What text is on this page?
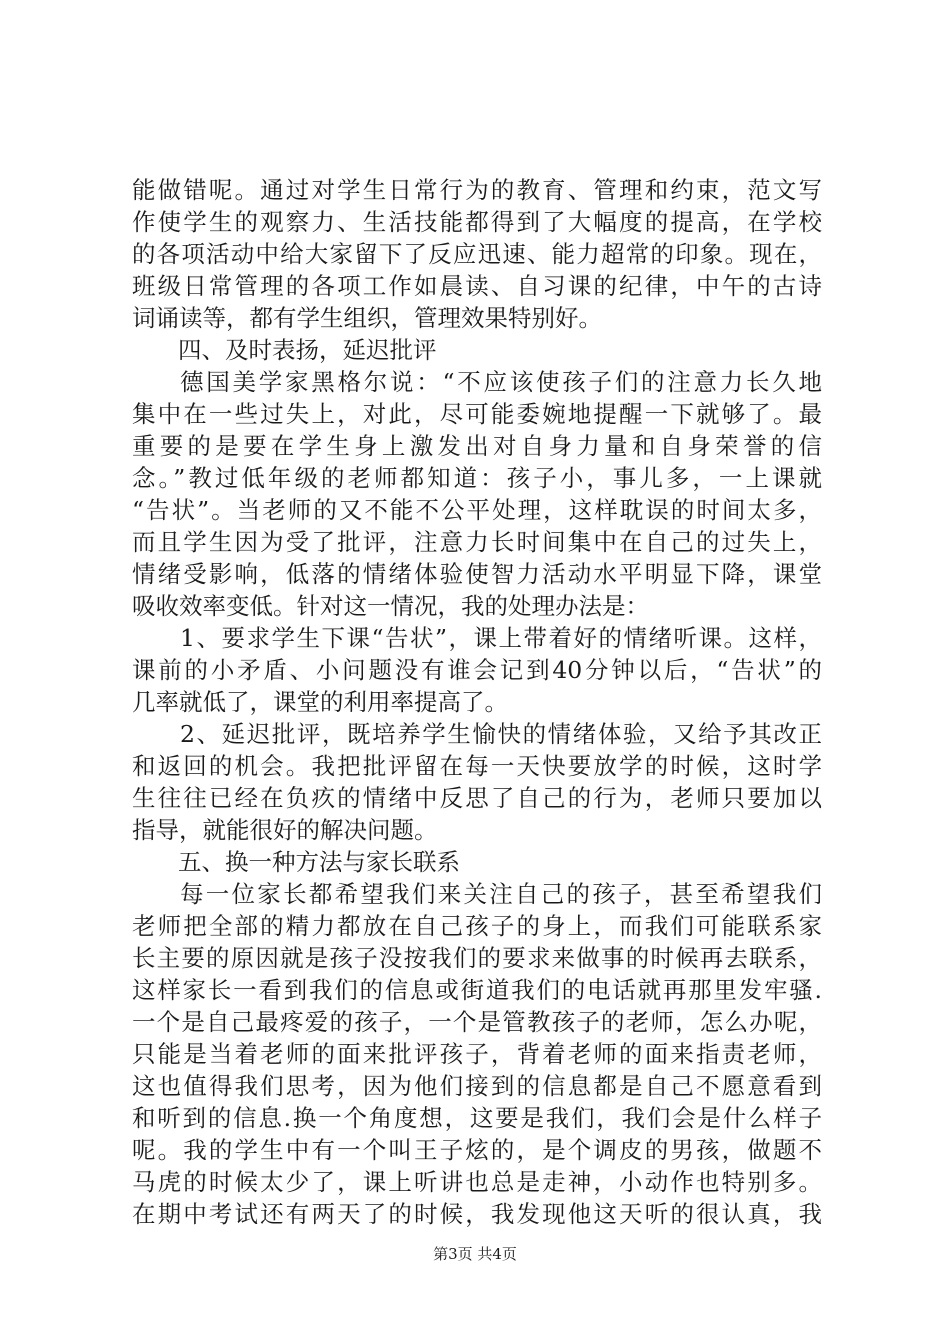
能做错呢。通过对学生日常行为的教育、管理和约束，范文写
作使学生的观察力、生活技能都得到了大幅度的提高，在学校
的各项活动中给大家留下了反应迅速、能力超常的印象。现在，
班级日常管理的各项工作如晨读、自习课的纪律，中午的古诗
词诵读等，都有学生组织，管理效果特别好。
四、及时表扬，延迟批评
德国美学家黑格尔说：“不应该使孩子们的注意力长久地
集中在一些过失上，对此，尽可能委婉地提醒一下就够了。最
重要的是要在学生身上激发出对自身力量和自身荣誉的信
念。”教过低年级的老师都知道：孩子小，事儿多，一上课就
“告状”。当老师的又不能不公平处理，这样耽误的时间太多，
而且学生因为受了批评，注意力长时间集中在自己的过失上，
情绪受影响，低落的情绪体验使智力活动水平明显下降，课堂
吸收效率变低。针对这一情况，我的处理办法是：
1、要求学生下课“告状”，课上带着好的情绪听课。这样，
课前的小矛盾、小问题没有谁会记到40分钟以后，“告状”的
几率就低了，课堂的利用率提高了。
2、延迟批评，既培养学生愉快的情绪体验，又给予其改正
和返回的机会。我把批评留在每一天快要放学的时候，这时学
生往往已经在负疚的情绪中反思了自己的行为，老师只要加以
指导，就能很好的解决问题。
五、换一种方法与家长联系
每一位家长都希望我们来关注自己的孩子，甚至希望我们
老师把全部的精力都放在自己孩子的身上，而我们可能联系家
长主要的原因就是孩子没按我们的要求来做事的时候再去联系，
这样家长一看到我们的信息或街道我们的电话就再那里发牢骚.
一个是自己最疼爱的孩子，一个是管教孩子的老师，怎么办呢，
只能是当着老师的面来批评孩子，背着老师的面来指责老师，
这也值得我们思考，因为他们接到的信息都是自己不愿意看到
和听到的信息.换一个角度想，这要是我们，我们会是什么样子
呢。我的学生中有一个叫王子炫的，是个调皮的男孩，做题不
马虎的时候太少了，课上听讲也总是走神，小动作也特别多。
在期中考试还有两天了的时候，我发现他这天听的很认真，我
第3页 共4页
